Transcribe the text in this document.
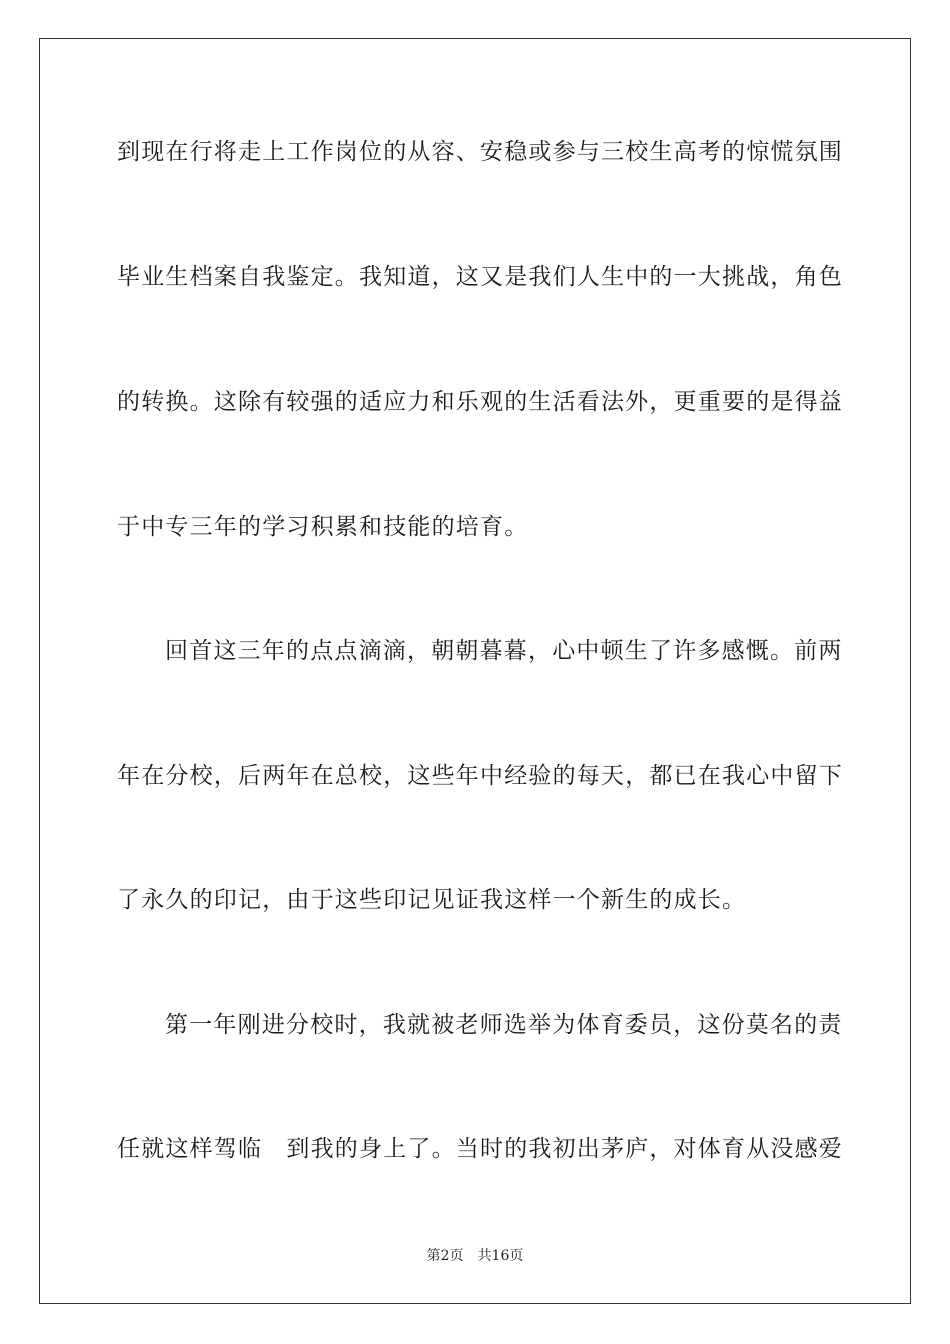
到现在行将走上工作岗位的从容、安稳或参与三校生高考的惊慌氛围
毕业生档案自我鉴定。我知道，这又是我们人生中的一大挑战，角色
的转换。这除有较强的适应力和乐观的生活看法外，更重要的是得益
于中专三年的学习积累和技能的培育。
回首这三年的点点滴滴，朝朝暮暮，心中顿生了许多感慨。前两
年在分校，后两年在总校，这些年中经验的每天，都已在我心中留下
了永久的印记，由于这些印记见证我这样一个新生的成长。
第一年刚进分校时，我就被老师选举为体育委员，这份莫名的责
任就这样驾临　到我的身上了。当时的我初出茅庐，对体育从没感爱
第2页　共16页
